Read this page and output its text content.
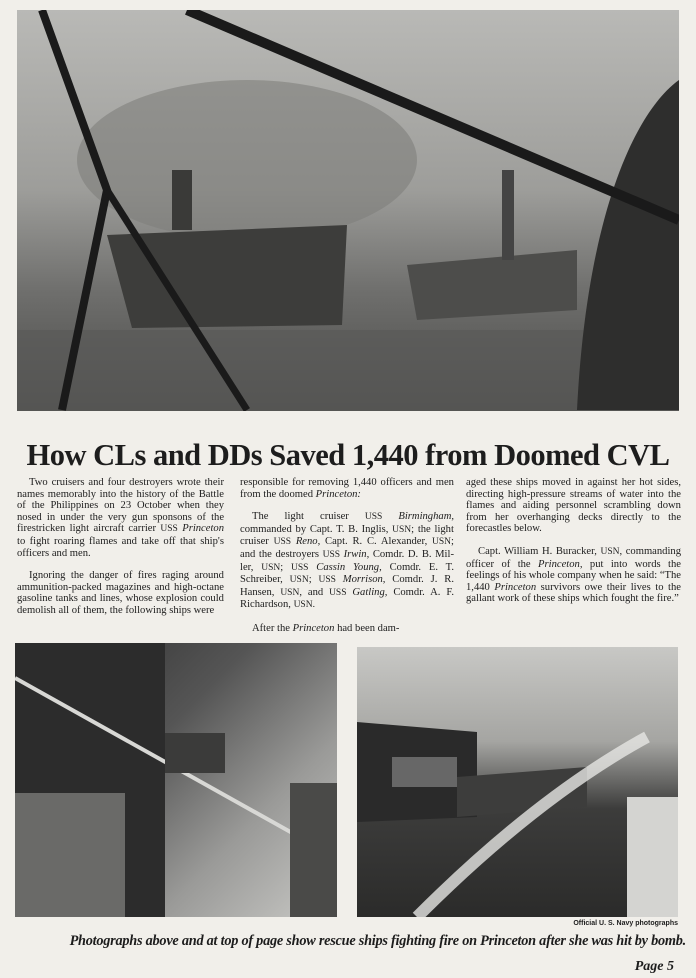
How CLs and DDs Saved 1,440 from Doomed CVL

Two cruisers and four destroyers wrote their names memorably into the history of the Battle of the Philippines on 23 October when they nosed in under the very gun sponsons of the firestricken light aircraft carrier USS Princeton to fight roaring flames and take off that ship's officers and men.

Ignoring the danger of fires raging around ammunition-packed magazines and high-octane gasoline tanks and lines, whose explosion could demolish all of them, the following ships were

responsible for removing 1,440 officers and men from the doomed Princeton:

The light cruiser USS Birmingham, commanded by Capt. T. B. Inglis, USN; the light cruiser USS Reno, Capt. R. C. Alexander, USN; and the destroyers USS Irwin, Comdr. D. B. Miller, USN; USS Cassin Young, Comdr. E. T. Schreiber, USN; USS Morrison, Comdr. J. R. Hansen, USN, and USS Gatling, Comdr. A. F. Richardson, USN.

After the Princeton had been dam-

aged these ships moved in against her hot sides, directing high-pressure streams of water into the flames and aiding personnel scrambling down from her overhanging decks directly to the forecastles below.

Capt. William H. Buracker, USN, commanding officer of the Princeton, put into words the feelings of his whole company when he said: “The 1,440 Princeton survivors owe their lives to the gallant work of these ships which fought the fire.”

Official U. S. Navy photographs
Photographs above and at top of page show rescue ships fighting fire on Princeton after she was hit by bomb.
Page 5
